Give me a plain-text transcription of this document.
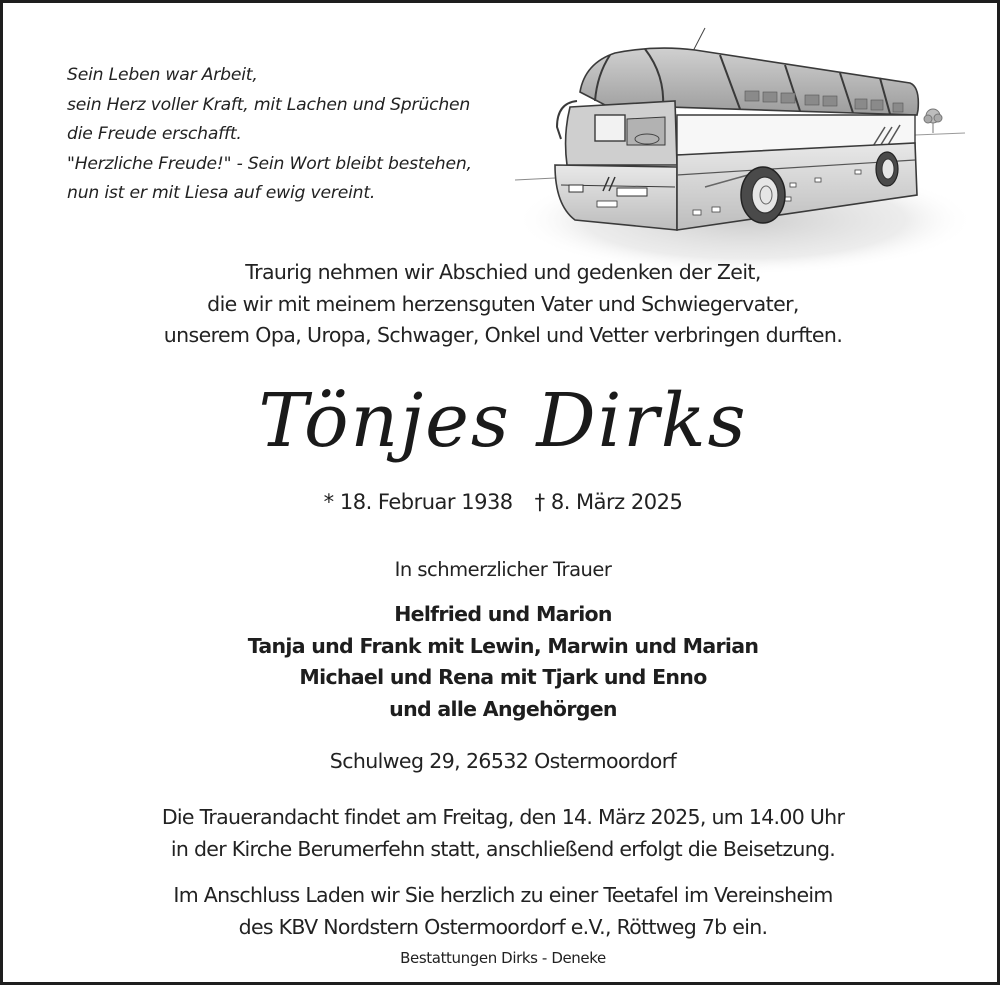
Sein Leben war Arbeit,
sein Herz voller Kraft, mit Lachen und Sprüchen
die Freude erschafft.
"Herzliche Freude!" - Sein Wort bleibt bestehen,
nun ist er mit Liesa auf ewig vereint.
Traurig nehmen wir Abschied und gedenken der Zeit,
die wir mit meinem herzensguten Vater und Schwiegervater,
unserem Opa, Uropa, Schwager, Onkel und Vetter verbringen durften.
Tönjes Dirks
* 18. Februar 1938 † 8. März 2025
In schmerzlicher Trauer
Helfried und Marion
Tanja und Frank mit Lewin, Marwin und Marian
Michael und Rena mit Tjark und Enno
und alle Angehörgen
Schulweg 29, 26532 Ostermoordorf
Die Trauerandacht findet am Freitag, den 14. März 2025, um 14.00 Uhr
in der Kirche Berumerfehn statt, anschließend erfolgt die Beisetzung.
Im Anschluss Laden wir Sie herzlich zu einer Teetafel im Vereinsheim
des KBV Nordstern Ostermoordorf e.V., Röttweg 7b ein.
Bestattungen Dirks - Deneke
